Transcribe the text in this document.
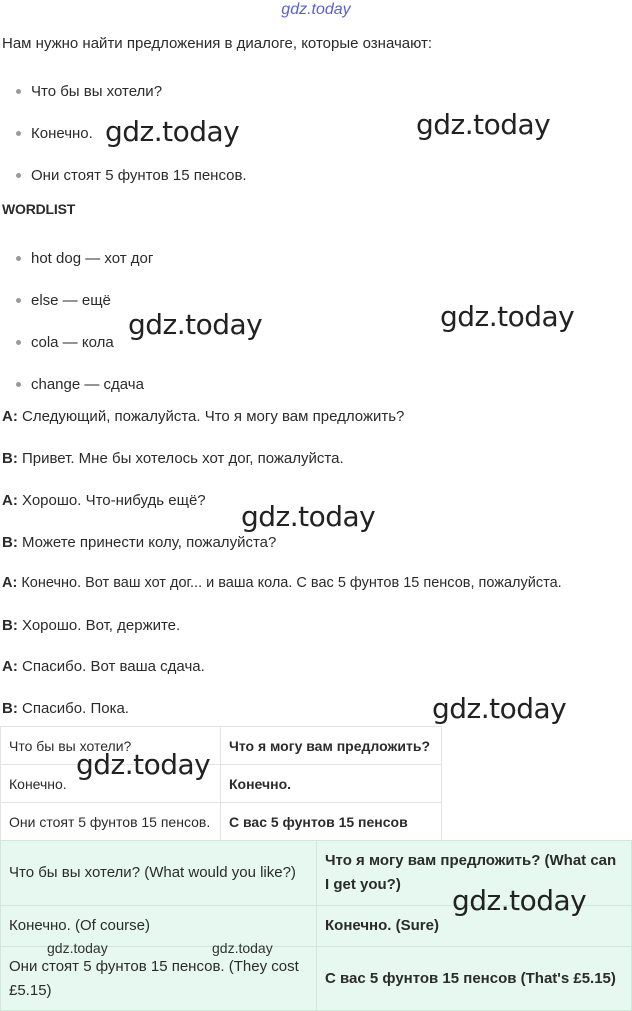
gdz.today
Нам нужно найти предложения в диалоге, которые означают:
Что бы вы хотели?
Конечно.
Они стоят 5 фунтов 15 пенсов.
WORDLIST
hot dog — хот дог
else — ещё
cola — кола
change — сдача
A: Следующий, пожалуйста. Что я могу вам предложить?
B: Привет. Мне бы хотелось хот дог, пожалуйста.
A: Хорошо. Что-нибудь ещё?
B: Можете принести колу, пожалуйста?
A: Конечно. Вот ваш хот дог... и ваша кола. С вас 5 фунтов 15 пенсов, пожалуйста.
B: Хорошо. Вот, держите.
A: Спасибо. Вот ваша сдача.
B: Спасибо. Пока.
Что бы вы хотели?	Что я могу вам предложить?
Конечно.	Конечно.
Они стоят 5 фунтов 15 пенсов.	С вас 5 фунтов 15 пенсов
Что бы вы хотели? (What would you like?)	Что я могу вам предложить? (What can I get you?)
Конечно. (Of course)	Конечно. (Sure)
Они стоят 5 фунтов 15 пенсов. (They cost £5.15)	С вас 5 фунтов 15 пенсов (That's £5.15)
gdz.today	gdz.today
gdz.today	gdz.today
gdz.today
gdz.today
gdz.today
gdz.today
gdz.today	gdz.today
